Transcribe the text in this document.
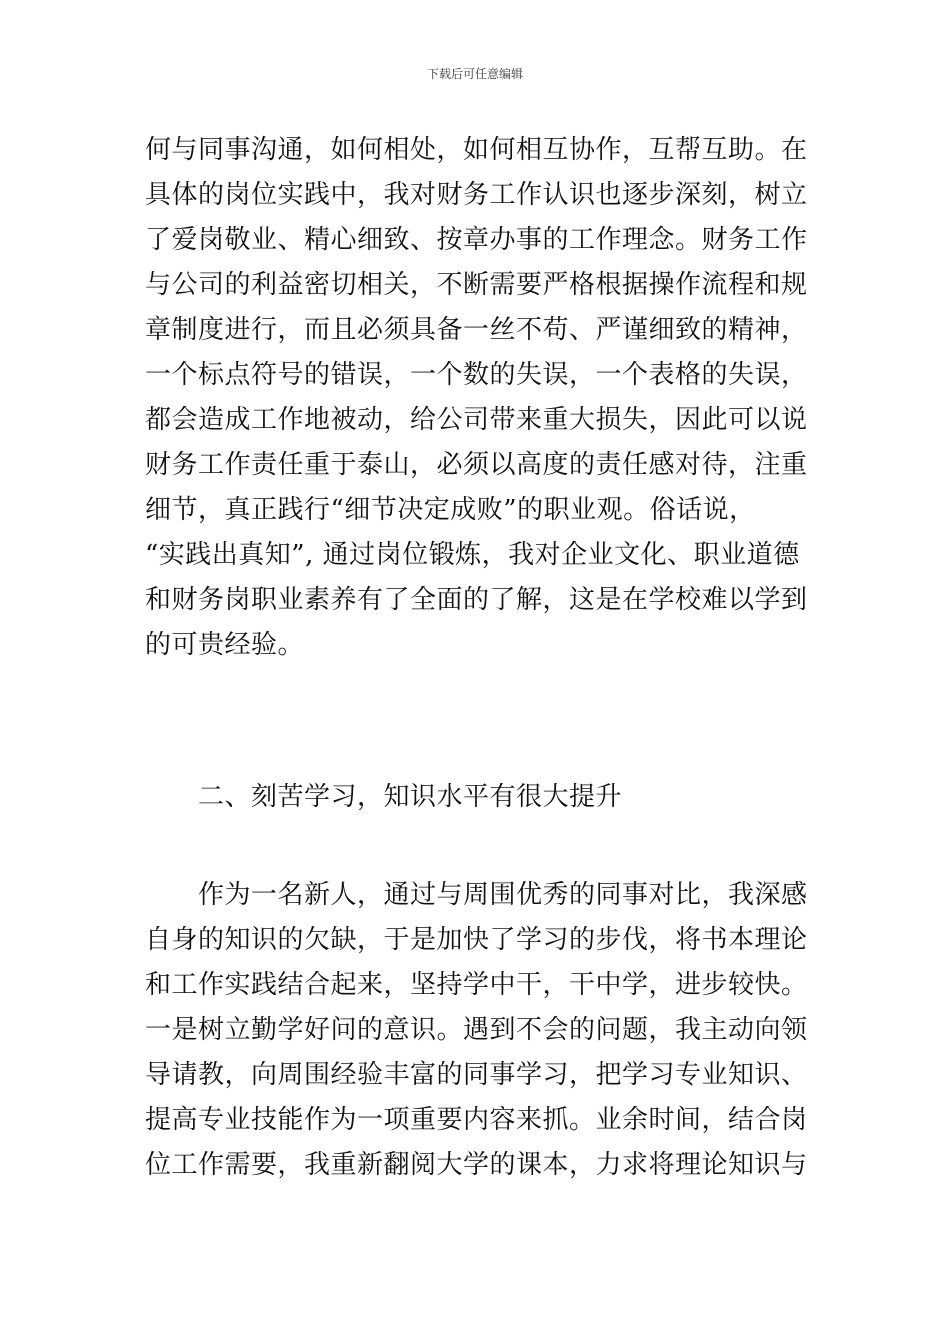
下载后可任意编辑
何与同事沟通，如何相处，如何相互协作，互帮互助。在
具体的岗位实践中，我对财务工作认识也逐步深刻，树立
了爱岗敬业、精心细致、按章办事的工作理念。财务工作
与公司的利益密切相关，不断需要严格根据操作流程和规
章制度进行，而且必须具备一丝不苟、严谨细致的精神，
一个标点符号的错误，一个数的失误，一个表格的失误，
都会造成工作地被动，给公司带来重大损失，因此可以说
财务工作责任重于泰山，必须以高度的责任感对待，注重
细节，真正践行“细节决定成败”的职业观。俗话说，
“实践出真知”, 通过岗位锻炼，我对企业文化、职业道德
和财务岗职业素养有了全面的了解，这是在学校难以学到
的可贵经验。
　　二、刻苦学习，知识水平有很大提升
　　作为一名新人，通过与周围优秀的同事对比，我深感
自身的知识的欠缺，于是加快了学习的步伐，将书本理论
和工作实践结合起来，坚持学中干，干中学，进步较快。
一是树立勤学好问的意识。遇到不会的问题，我主动向领
导请教，向周围经验丰富的同事学习，把学习专业知识、
提高专业技能作为一项重要内容来抓。业余时间，结合岗
位工作需要，我重新翻阅大学的课本，力求将理论知识与
